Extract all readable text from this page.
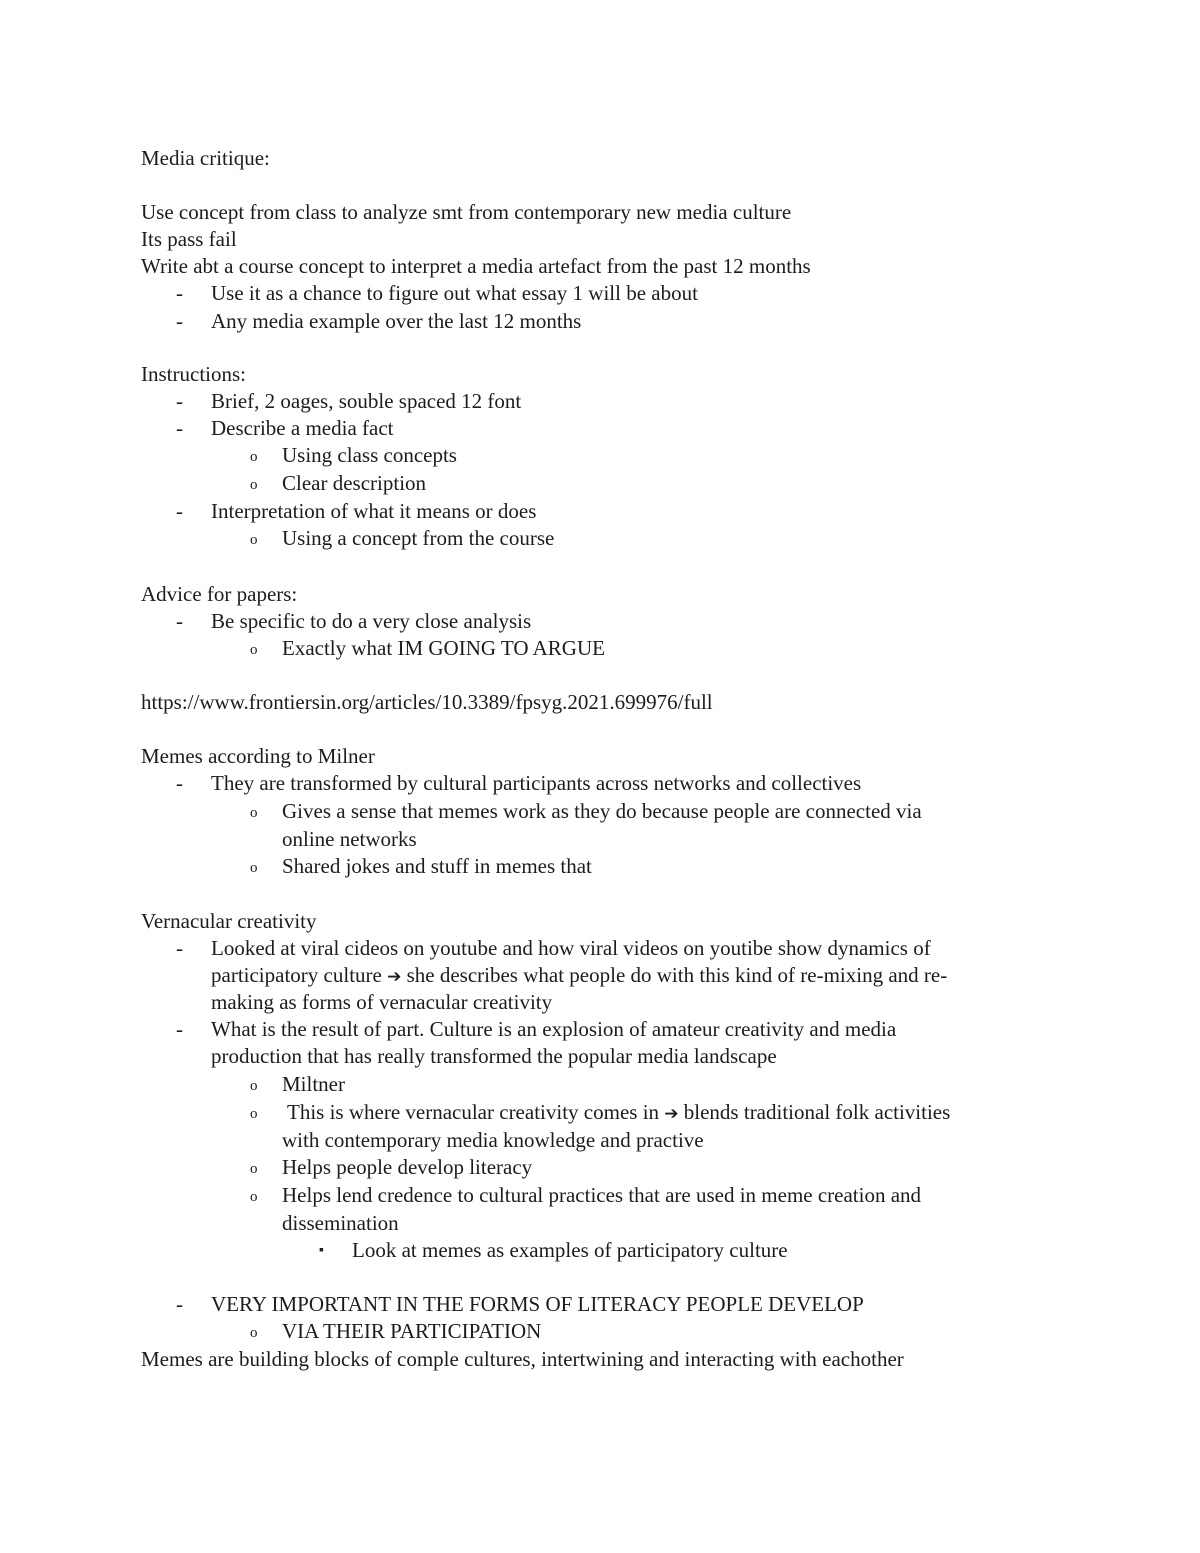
Media critique:
Use concept from class to analyze smt from contemporary new media culture
Its pass fail
Write abt a course concept to interpret a media artefact from the past 12 months
- Use it as a chance to figure out what essay 1 will be about
- Any media example over the last 12 months
Instructions:
- Brief, 2 oages, souble spaced 12 font
- Describe a media fact
o Using class concepts
o Clear description
- Interpretation of what it means or does
o Using a concept from the course
Advice for papers:
- Be specific to do a very close analysis
o Exactly what IM GOING TO ARGUE
https://www.frontiersin.org/articles/10.3389/fpsyg.2021.699976/full
Memes according to Milner
- They are transformed by cultural participants across networks and collectives
o Gives a sense that memes work as they do because people are connected via
online networks
o Shared jokes and stuff in memes that
Vernacular creativity
- Looked at viral cideos on youtube and how viral videos on youtibe show dynamics of
participatory culture ➔ she describes what people do with this kind of re-mixing and re-
making as forms of vernacular creativity
- What is the result of part. Culture is an explosion of amateur creativity and media
production that has really transformed the popular media landscape
o Miltner
o This is where vernacular creativity comes in ➔ blends traditional folk activities
with contemporary media knowledge and practive
o Helps people develop literacy
o Helps lend credence to cultural practices that are used in meme creation and
dissemination
▪ Look at memes as examples of participatory culture
- VERY IMPORTANT IN THE FORMS OF LITERACY PEOPLE DEVELOP
o VIA THEIR PARTICIPATION
Memes are building blocks of comple cultures, intertwining and interacting with eachother
